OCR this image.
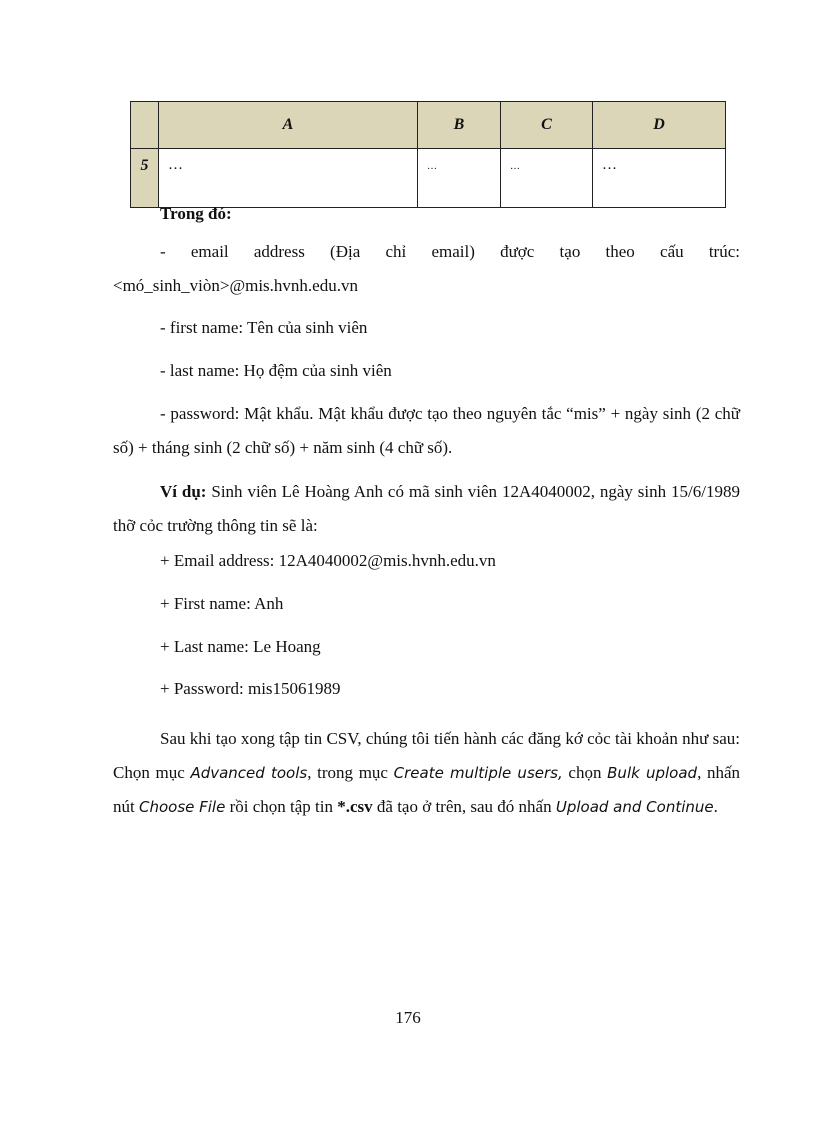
	A	B	C	D
5	…	…	…	…

Trong đó:

- email address (Địa chỉ email) được tạo theo cấu trúc: <mó_sinh_viòn>@mis.hvnh.edu.vn

- first name: Tên của sinh viên

- last name: Họ đệm của sinh viên

- password: Mật khẩu. Mật khẩu được tạo theo nguyên tắc “mis” + ngày sinh (2 chữ số) + tháng sinh (2 chữ số) + năm sinh (4 chữ số).

Ví dụ: Sinh viên Lê Hoàng Anh có mã sinh viên 12A4040002, ngày sinh 15/6/1989 thỡ cỏc trường thông tin sẽ là:

+ Email address: 12A4040002@mis.hvnh.edu.vn

+ First name: Anh

+ Last name: Le Hoang

+ Password: mis15061989

Sau khi tạo xong tập tin CSV, chúng tôi tiến hành các đăng kớ cỏc tài khoản như sau: Chọn mục Advanced tools, trong mục Create multiple users, chọn Bulk upload, nhấn nút Choose File rồi chọn tập tin *.csv đã tạo ở trên, sau đó nhấn Upload and Continue.

176
